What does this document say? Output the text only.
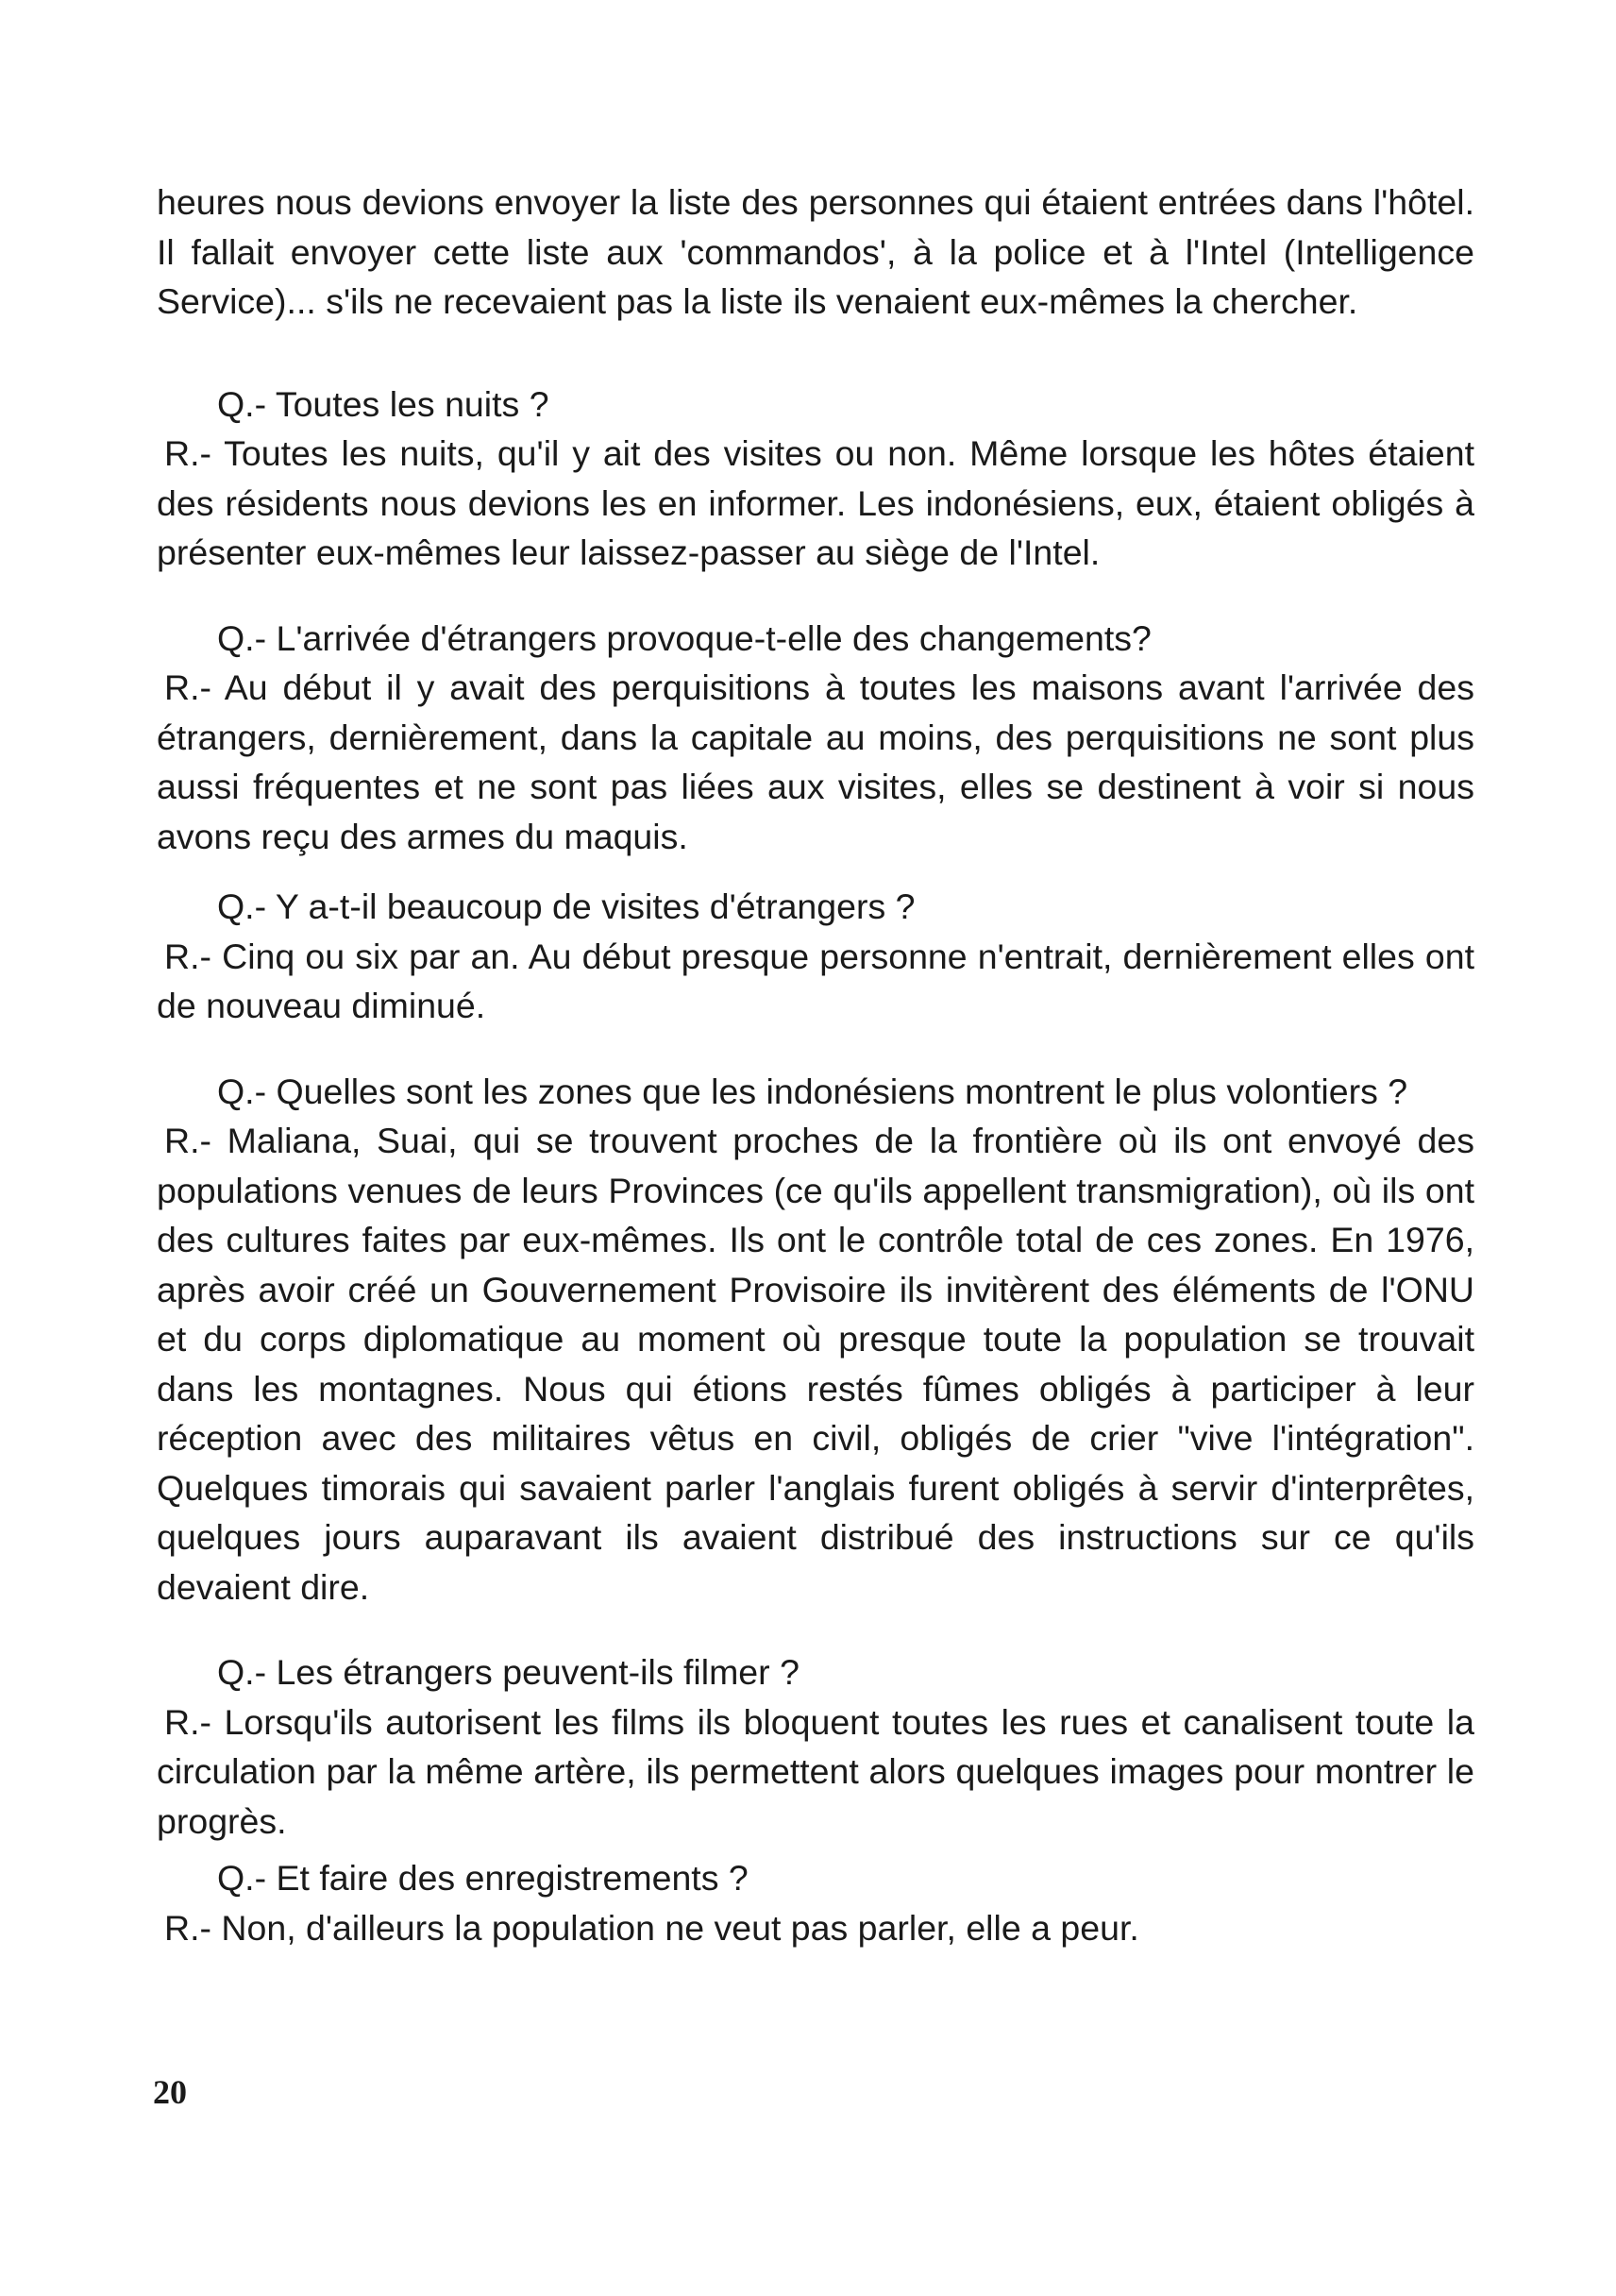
heures nous devions envoyer la liste des personnes qui étaient entrées dans l'hôtel. Il fallait envoyer cette liste aux 'commandos', à la police et à l'Intel (Intelligence Service)... s'ils ne recevaient pas la liste ils venaient eux-mêmes la chercher.

Q.- Toutes les nuits ?

R.- Toutes les nuits, qu'il y ait des visites ou non. Même lorsque les hôtes étaient des résidents nous devions les en informer. Les indonésiens, eux, étaient obligés à présenter eux-mêmes leur laissez-passer au siège de l'Intel.

Q.- L'arrivée d'étrangers provoque-t-elle des changements?

R.- Au début il y avait des perquisitions à toutes les maisons avant l'arrivée des étrangers, dernièrement, dans la capitale au moins, des perquisitions ne sont plus aussi fréquentes et ne sont pas liées aux visites, elles se destinent à voir si nous avons reçu des armes du maquis.

Q.- Y a-t-il beaucoup de visites d'étrangers ?

R.- Cinq ou six par an. Au début presque personne n'entrait, dernièrement elles ont de nouveau diminué.

Q.- Quelles sont les zones que les indonésiens montrent le plus volontiers ?

R.- Maliana, Suai, qui se trouvent proches de la frontière où ils ont envoyé des populations venues de leurs Provinces (ce qu'ils appellent transmigration), où ils ont des cultures faites par eux-mêmes. Ils ont le contrôle total de ces zones. En 1976, après avoir créé un Gouvernement Provisoire ils invitèrent des éléments de l'ONU et du corps diplomatique au moment où presque toute la population se trouvait dans les montagnes. Nous qui étions restés fûmes obligés à participer à leur réception avec des militaires vêtus en civil, obligés de crier "vive l'intégration". Quelques timorais qui savaient parler l'anglais furent obligés à servir d'interprêtes, quelques jours auparavant ils avaient distribué des instructions sur ce qu'ils devaient dire.

Q.- Les étrangers peuvent-ils filmer ?

R.- Lorsqu'ils autorisent les films ils bloquent toutes les rues et canalisent toute la circulation par la même artère, ils permettent alors quelques images pour montrer le progrès.

Q.- Et faire des enregistrements ?

R.- Non, d'ailleurs la population ne veut pas parler, elle a peur.

20
